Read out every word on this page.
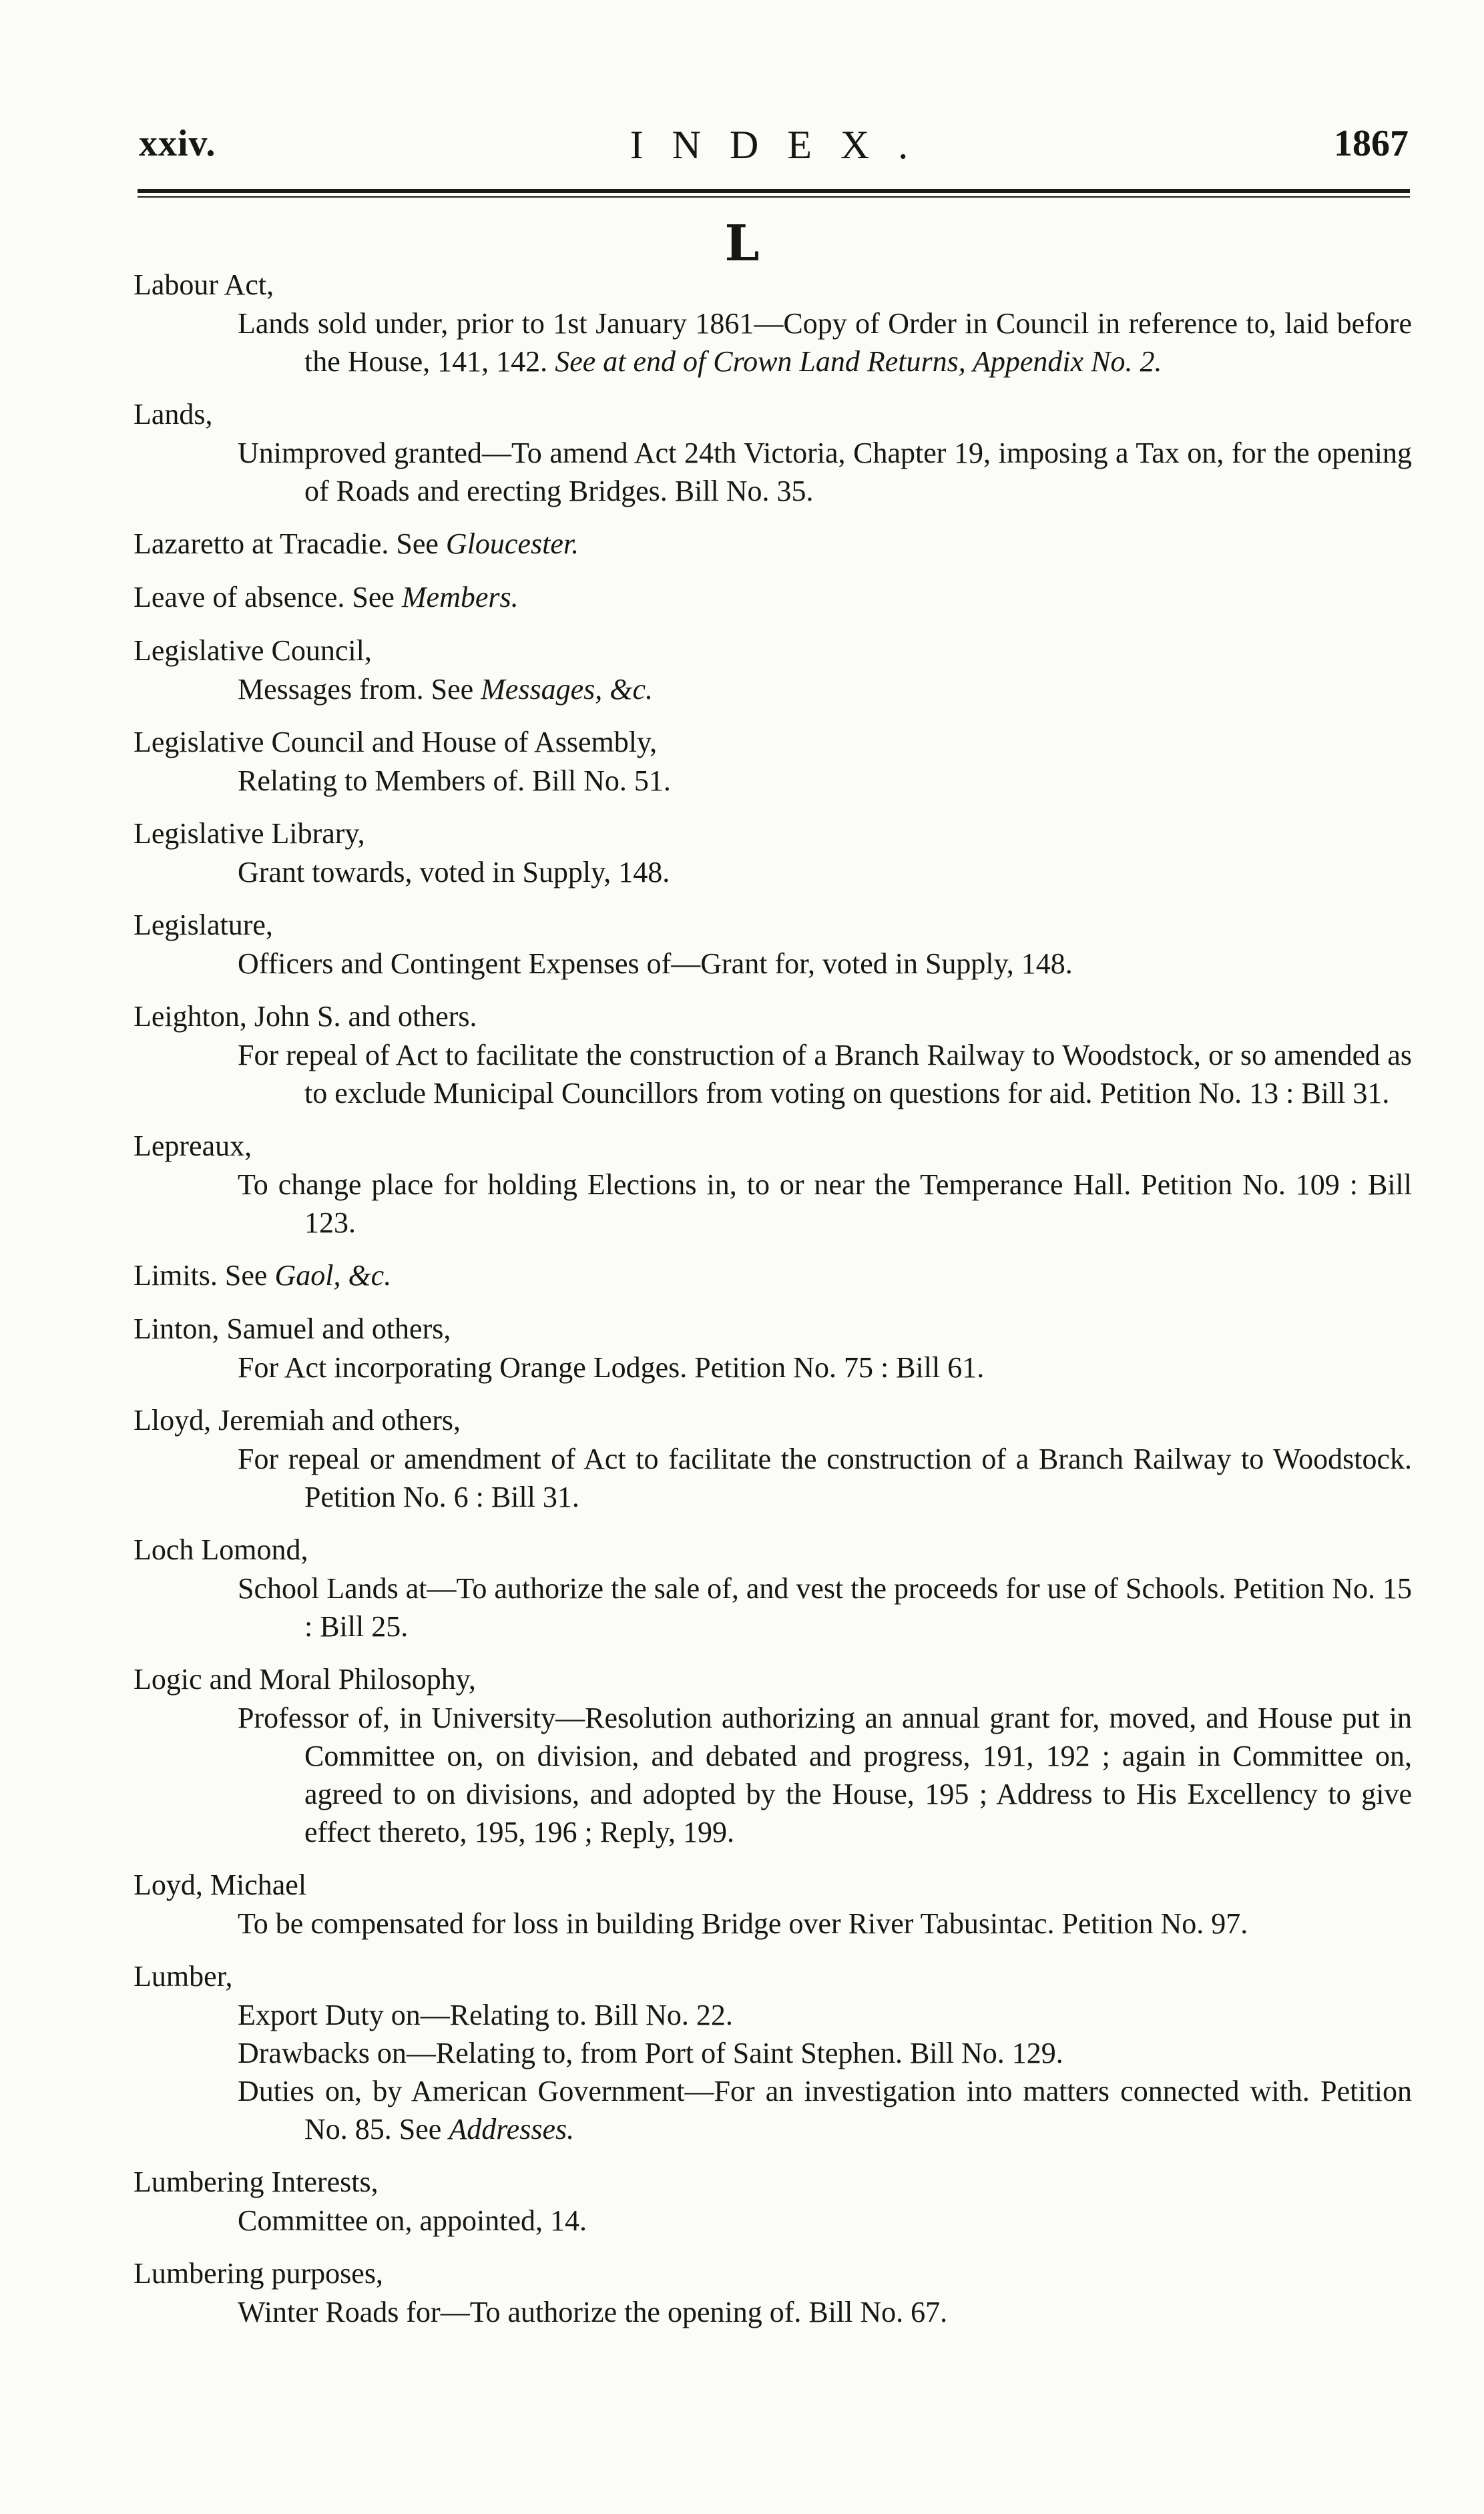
xxiv.	I N D E X .	1867
L
Labour Act,
Lands sold under, prior to 1st January 1861—Copy of Order in Council in reference to, laid before the House, 141, 142. See at end of Crown Land Returns, Appendix No. 2.
Lands,
Unimproved granted—To amend Act 24th Victoria, Chapter 19, imposing a Tax on, for the opening of Roads and erecting Bridges. Bill No. 35.
Lazaretto at Tracadie. See Gloucester.
Leave of absence. See Members.
Legislative Council,
Messages from. See Messages, &c.
Legislative Council and House of Assembly,
Relating to Members of. Bill No. 51.
Legislative Library,
Grant towards, voted in Supply, 148.
Legislature,
Officers and Contingent Expenses of—Grant for, voted in Supply, 148.
Leighton, John S. and others.
For repeal of Act to facilitate the construction of a Branch Railway to Woodstock, or so amended as to exclude Municipal Councillors from voting on questions for aid. Petition No. 13 : Bill 31.
Lepreaux,
To change place for holding Elections in, to or near the Temperance Hall. Petition No. 109 : Bill 123.
Limits. See Gaol, &c.
Linton, Samuel and others,
For Act incorporating Orange Lodges. Petition No. 75 : Bill 61.
Lloyd, Jeremiah and others,
For repeal or amendment of Act to facilitate the construction of a Branch Railway to Woodstock. Petition No. 6 : Bill 31.
Loch Lomond,
School Lands at—To authorize the sale of, and vest the proceeds for use of Schools. Petition No. 15 : Bill 25.
Logic and Moral Philosophy,
Professor of, in University—Resolution authorizing an annual grant for, moved, and House put in Committee on, on division, and debated and progress, 191, 192 ; again in Committee on, agreed to on divisions, and adopted by the House, 195 ; Address to His Excellency to give effect thereto, 195, 196 ; Reply, 199.
Loyd, Michael
To be compensated for loss in building Bridge over River Tabusintac. Petition No. 97.
Lumber,
Export Duty on—Relating to. Bill No. 22.
Drawbacks on—Relating to, from Port of Saint Stephen. Bill No. 129.
Duties on, by American Government—For an investigation into matters connected with. Petition No. 85. See Addresses.
Lumbering Interests,
Committee on, appointed, 14.
Lumbering purposes,
Winter Roads for—To authorize the opening of. Bill No. 67.
